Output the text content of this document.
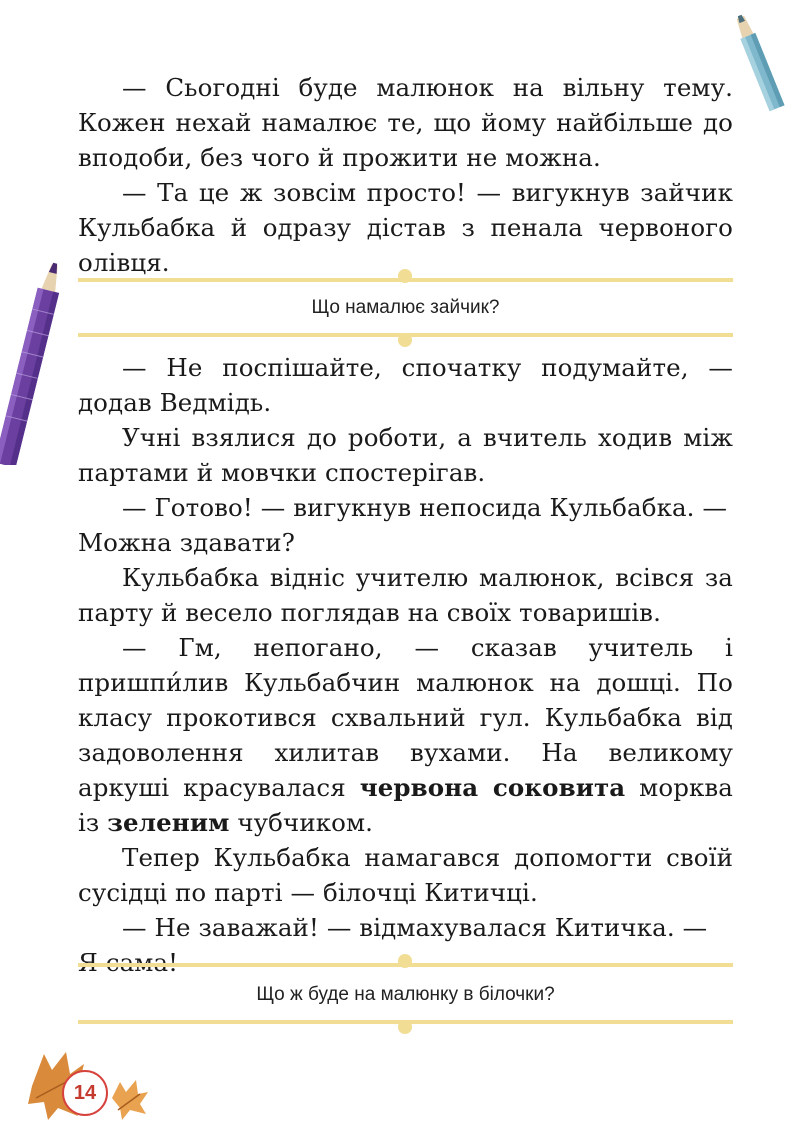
— Сьогодні буде малюнок на вільну тему. Кожен нехай намалює те, що йому найбільше до вподоби, без чого й прожити не можна.

— Та це ж зовсім просто! — вигукнув зайчик Кульбабка й одразу дістав з пенала червоного олівця.

Що намалює зайчик?

— Не поспішайте, спочатку подумайте, — додав Ведмідь.

Учні взялися до роботи, а вчитель ходив між партами й мовчки спостерігав.

— Готово! — вигукнув непосида Кульбабка. —

Можна здавати?

Кульбабка відніс учителю малюнок, всівся за парту й весело поглядав на своїх товаришів.

— Гм, непогано, — сказав учитель і пришпи́лив Кульбабчин малюнок на дошці. По класу прокотився схвальний гул. Кульбабка від задоволення хилитав вухами. На великому аркуші красувалася червона соковита морква із зеленим чубчиком.

Тепер Кульбабка намагався допомогти своїй сусідці по парті — білочці Китичці.

— Не заважай! — відмахувалася Китичка. —

Що ж буде на малюнку в білочки?
14
